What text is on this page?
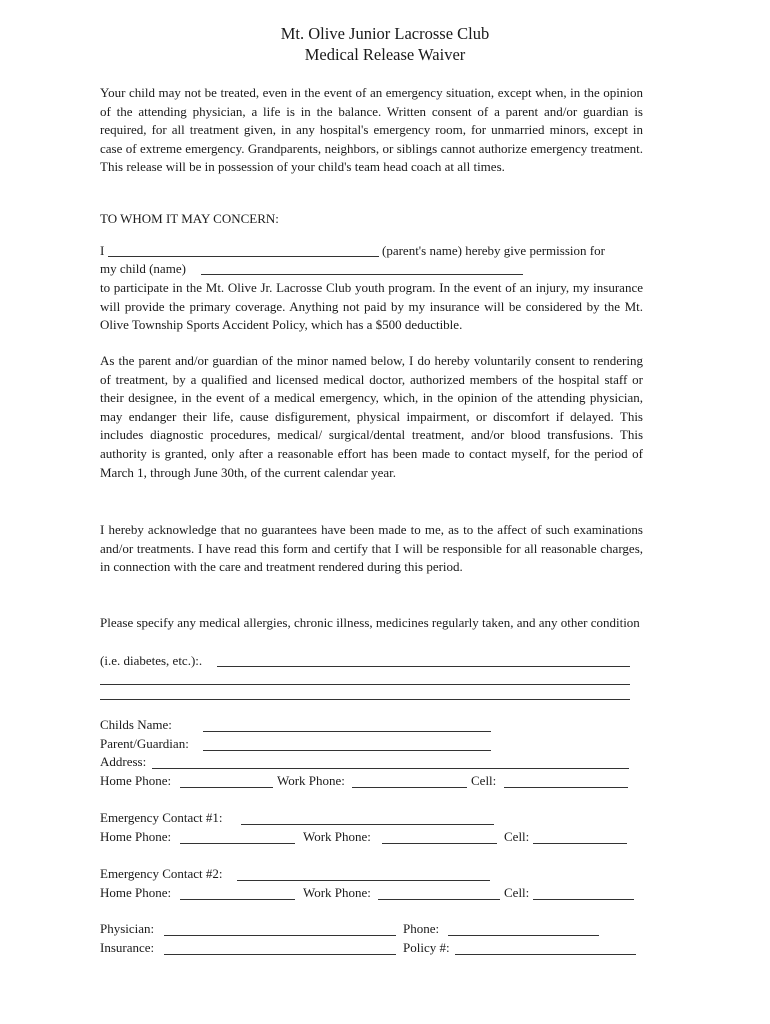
Mt. Olive Junior Lacrosse Club
Medical Release Waiver

Your child may not be treated, even in the event of an emergency situation, except when, in the opinion of the attending physician, a life is in the balance. Written consent of a parent and/or guardian is required, for all treatment given, in any hospital's emergency room, for unmarried minors, except in case of extreme emergency. Grandparents, neighbors, or siblings cannot authorize emergency treatment. This release will be in possession of your child's team head coach at all times.

TO WHOM IT MAY CONCERN:
I	(parent's name) hereby give permission for
my child (name)

to participate in the Mt. Olive Jr. Lacrosse Club youth program. In the event of an injury, my insurance will provide the primary coverage. Anything not paid by my insurance will be considered by the Mt. Olive Township Sports Accident Policy, which has a $500 deductible.

As the parent and/or guardian of the minor named below, I do hereby voluntarily consent to rendering of treatment, by a qualified and licensed medical doctor, authorized members of the hospital staff or their designee, in the event of a medical emergency, which, in the opinion of the attending physician, may endanger their life, cause disfigurement, physical impairment, or discomfort if delayed. This includes diagnostic procedures, medical/ surgical/dental treatment, and/or blood transfusions. This authority is granted, only after a reasonable effort has been made to contact myself, for the period of March 1, through June 30th, of the current calendar year.

I hereby acknowledge that no guarantees have been made to me, as to the affect of such examinations and/or treatments. I have read this form and certify that I will be responsible for all reasonable charges, in connection with the care and treatment rendered during this period.

Please specify any medical allergies, chronic illness, medicines regularly taken, and any other condition

(i.e. diabetes, etc.):.
Childs Name:
Parent/Guardian:
Address:
Home Phone:	Work Phone:	Cell:
Emergency Contact #1:
Home Phone:	Work Phone:	Cell:
Emergency Contact #2:
Home Phone:	Work Phone:	Cell:
Physician:	Phone:
Insurance:	Policy #:
